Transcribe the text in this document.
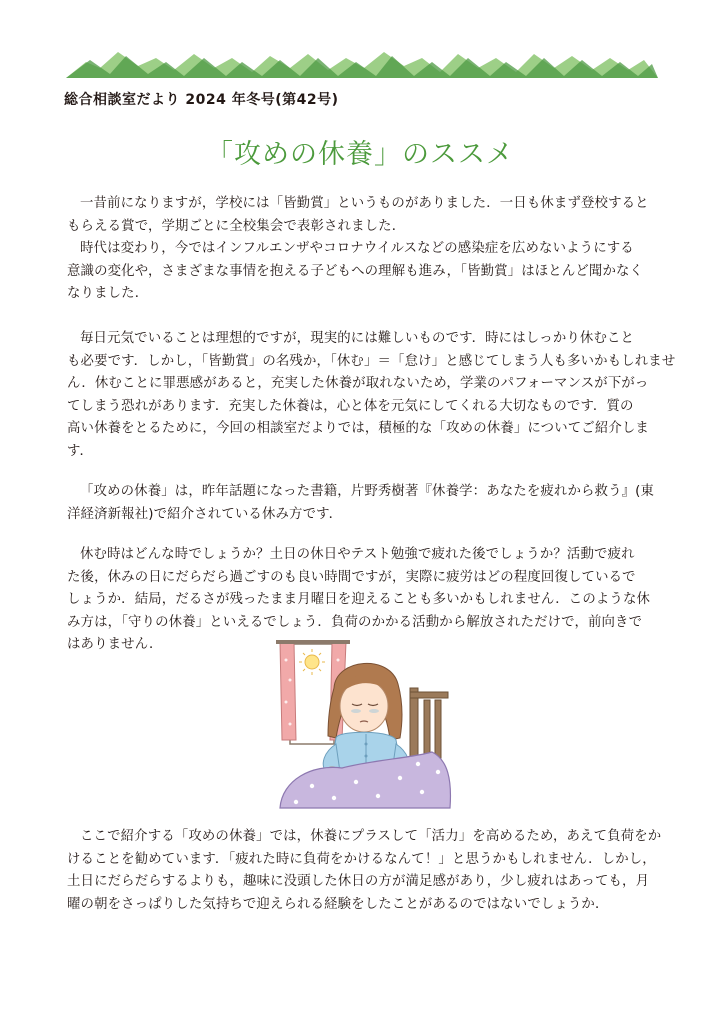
総合相談室だより 2024 年冬号(第42号)
「攻めの休養」のススメ
一昔前になりますが，学校には「皆勤賞」というものがありました．一日も休まず登校すると
もらえる賞で，学期ごとに全校集会で表彰されました．
時代は変わり，今ではインフルエンザやコロナウイルスなどの感染症を広めないようにする
意識の変化や，さまざまな事情を抱える子どもへの理解も進み，「皆勤賞」はほとんど聞かなく
なりました．
毎日元気でいることは理想的ですが，現実的には難しいものです．時にはしっかり休むこと
も必要です．しかし，「皆勤賞」の名残か，「休む」＝「怠け」と感じてしまう人も多いかもしれませ
ん．休むことに罪悪感があると，充実した休養が取れないため，学業のパフォーマンスが下がっ
てしまう恐れがあります．充実した休養は，心と体を元気にしてくれる大切なものです．質の
高い休養をとるために，今回の相談室だよりでは，積極的な「攻めの休養」についてご紹介しま
す．
「攻めの休養」は，昨年話題になった書籍，片野秀樹著『休養学：あなたを疲れから救う』(東
洋経済新報社)で紹介されている休み方です．
休む時はどんな時でしょうか？土日の休日やテスト勉強で疲れた後でしょうか？活動で疲れ
た後，休みの日にだらだら過ごすのも良い時間ですが，実際に疲労はどの程度回復しているで
しょうか．結局，だるさが残ったまま月曜日を迎えることも多いかもしれません．このような休
み方は，「守りの休養」といえるでしょう．負荷のかかる活動から解放されただけで，前向きで
はありません．
ここで紹介する「攻めの休養」では，休養にプラスして「活力」を高めるため，あえて負荷をか
けることを勧めています．「疲れた時に負荷をかけるなんて！」と思うかもしれません．しかし，
土日にだらだらするよりも，趣味に没頭した休日の方が満足感があり，少し疲れはあっても，月
曜の朝をさっぱりした気持ちで迎えられる経験をしたことがあるのではないでしょうか．
